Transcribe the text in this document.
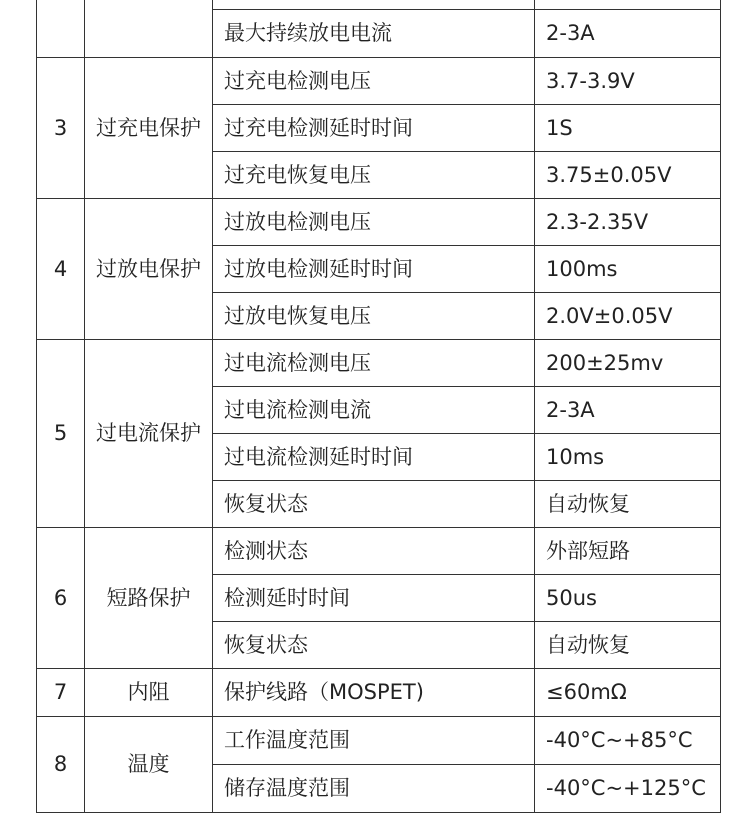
		最大持续放电电流	2-3A
3	过充电保护	过充电检测电压	3.7-3.9V
		过充电检测延时时间	1S
		过充电恢复电压	3.75±0.05V
4	过放电保护	过放电检测电压	2.3-2.35V
		过放电检测延时时间	100ms
		过放电恢复电压	2.0V±0.05V
5	过电流保护	过电流检测电压	200±25mv
		过电流检测电流	2-3A
		过电流检测延时时间	10ms
		恢复状态	自动恢复
6	短路保护	检测状态	外部短路
		检测延时时间	50us
		恢复状态	自动恢复
7	内阻	保护线路（MOSPET)	≤60mΩ
8	温度	工作温度范围	-40°C~+85°C
		储存温度范围	-40°C~+125°C
